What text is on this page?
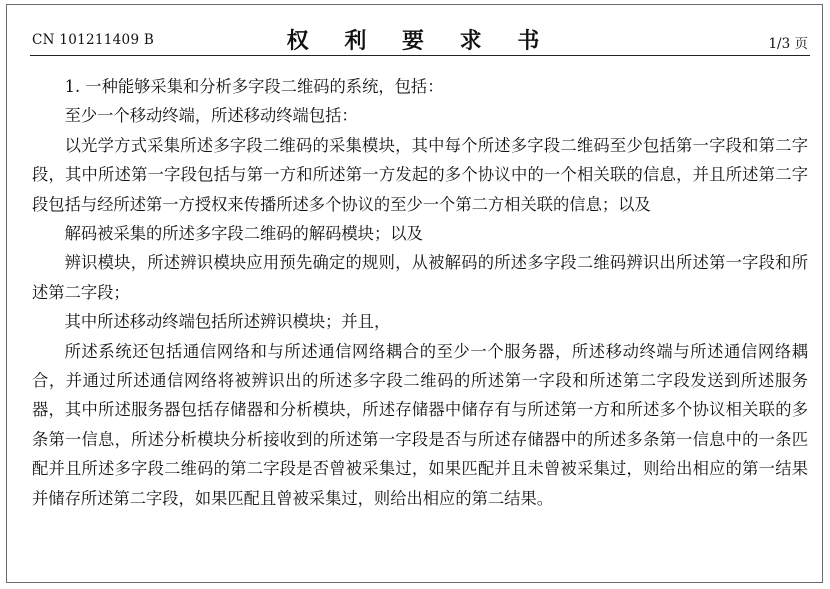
CN 101211409 B	权 利 要 求 书	1/3 页

1. 一种能够采集和分析多字段二维码的系统，包括：

至少一个移动终端，所述移动终端包括：

以光学方式采集所述多字段二维码的采集模块，其中每个所述多字段二维码至少包括第一字段和第二字段，其中所述第一字段包括与第一方和所述第一方发起的多个协议中的一个相关联的信息，并且所述第二字段包括与经所述第一方授权来传播所述多个协议的至少一个第二方相关联的信息；以及

解码被采集的所述多字段二维码的解码模块；以及

辨识模块，所述辨识模块应用预先确定的规则，从被解码的所述多字段二维码辨识出所述第一字段和所述第二字段；

其中所述移动终端包括所述辨识模块；并且，

所述系统还包括通信网络和与所述通信网络耦合的至少一个服务器，所述移动终端与所述通信网络耦合，并通过所述通信网络将被辨识出的所述多字段二维码的所述第一字段和所述第二字段发送到所述服务器，其中所述服务器包括存储器和分析模块，所述存储器中储存有与所述第一方和所述多个协议相关联的多条第一信息，所述分析模块分析接收到的所述第一字段是否与所述存储器中的所述多条第一信息中的一条匹配并且所述多字段二维码的第二字段是否曾被采集过，如果匹配并且未曾被采集过，则给出相应的第一结果并储存所述第二字段，如果匹配且曾被采集过，则给出相应的第二结果。
